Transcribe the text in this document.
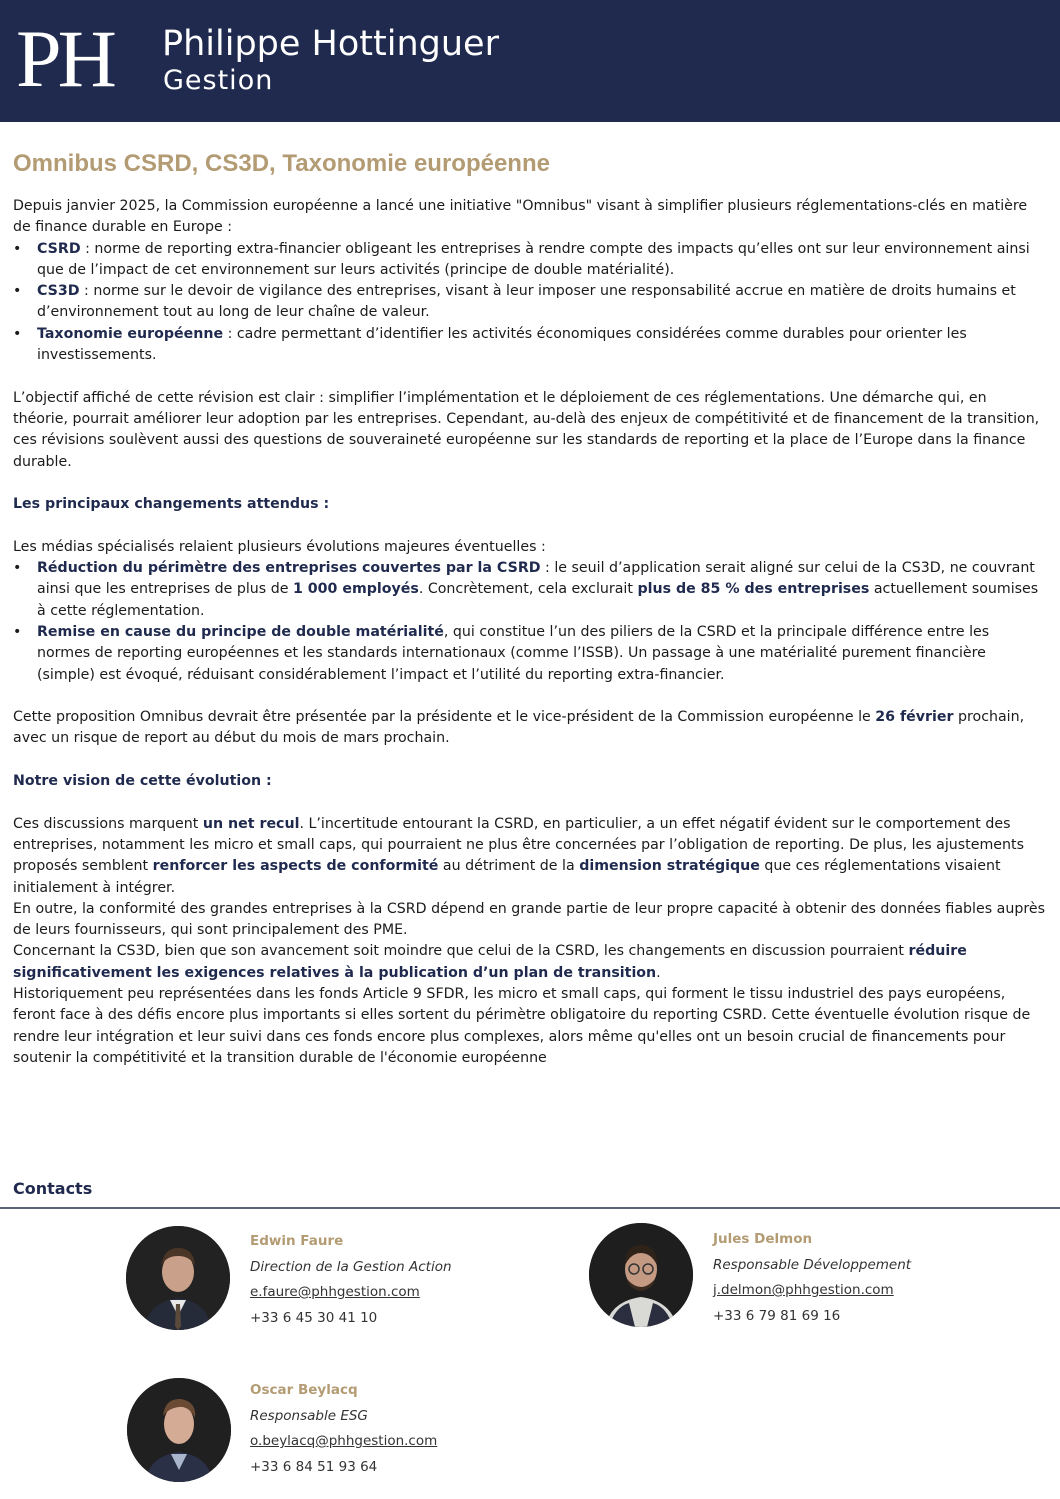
PH Philippe Hottinguer
Gestion
Omnibus CSRD, CS3D, Taxonomie européenne

Depuis janvier 2025, la Commission européenne a lancé une initiative "Omnibus" visant à simplifier plusieurs réglementations-clés en matière de finance durable en Europe :

• CSRD : norme de reporting extra-financier obligeant les entreprises à rendre compte des impacts qu’elles ont sur leur environnement ainsi que de l’impact de cet environnement sur leurs activités (principe de double matérialité).
• CS3D : norme sur le devoir de vigilance des entreprises, visant à leur imposer une responsabilité accrue en matière de droits humains et d’environnement tout au long de leur chaîne de valeur.
• Taxonomie européenne : cadre permettant d’identifier les activités économiques considérées comme durables pour orienter les investissements.

L’objectif affiché de cette révision est clair : simplifier l’implémentation et le déploiement de ces réglementations. Une démarche qui, en théorie, pourrait améliorer leur adoption par les entreprises. Cependant, au-delà des enjeux de compétitivité et de financement de la transition, ces révisions soulèvent aussi des questions de souveraineté européenne sur les standards de reporting et la place de l’Europe dans la finance durable.

Les principaux changements attendus :

Les médias spécialisés relaient plusieurs évolutions majeures éventuelles :

• Réduction du périmètre des entreprises couvertes par la CSRD : le seuil d’application serait aligné sur celui de la CS3D, ne couvrant ainsi que les entreprises de plus de 1 000 employés. Concrètement, cela exclurait plus de 85 % des entreprises actuellement soumises à cette réglementation.
• Remise en cause du principe de double matérialité, qui constitue l’un des piliers de la CSRD et la principale différence entre les normes de reporting européennes et les standards internationaux (comme l’ISSB). Un passage à une matérialité purement financière (simple) est évoqué, réduisant considérablement l’impact et l’utilité du reporting extra-financier.

Cette proposition Omnibus devrait être présentée par la présidente et le vice-président de la Commission européenne le 26 février prochain, avec un risque de report au début du mois de mars prochain.

Notre vision de cette évolution :

Ces discussions marquent un net recul. L’incertitude entourant la CSRD, en particulier, a un effet négatif évident sur le comportement des entreprises, notamment les micro et small caps, qui pourraient ne plus être concernées par l’obligation de reporting. De plus, les ajustements proposés semblent renforcer les aspects de conformité au détriment de la dimension stratégique que ces réglementations visaient initialement à intégrer.

En outre, la conformité des grandes entreprises à la CSRD dépend en grande partie de leur propre capacité à obtenir des données fiables auprès de leurs fournisseurs, qui sont principalement des PME.

Concernant la CS3D, bien que son avancement soit moindre que celui de la CSRD, les changements en discussion pourraient réduire significativement les exigences relatives à la publication d’un plan de transition.

Historiquement peu représentées dans les fonds Article 9 SFDR, les micro et small caps, qui forment le tissu industriel des pays européens, feront face à des défis encore plus importants si elles sortent du périmètre obligatoire du reporting CSRD. Cette éventuelle évolution risque de rendre leur intégration et leur suivi dans ces fonds encore plus complexes, alors même qu'elles ont un besoin crucial de financements pour soutenir la compétitivité et la transition durable de l'économie européenne

Contacts
Edwin Faure
Direction de la Gestion Action
e.faure@phhgestion.com
+33 6 45 30 41 10
Jules Delmon
Responsable Développement
j.delmon@phhgestion.com
+33 6 79 81 69 16
Oscar Beylacq
Responsable ESG
o.beylacq@phhgestion.com
+33 6 84 51 93 64
